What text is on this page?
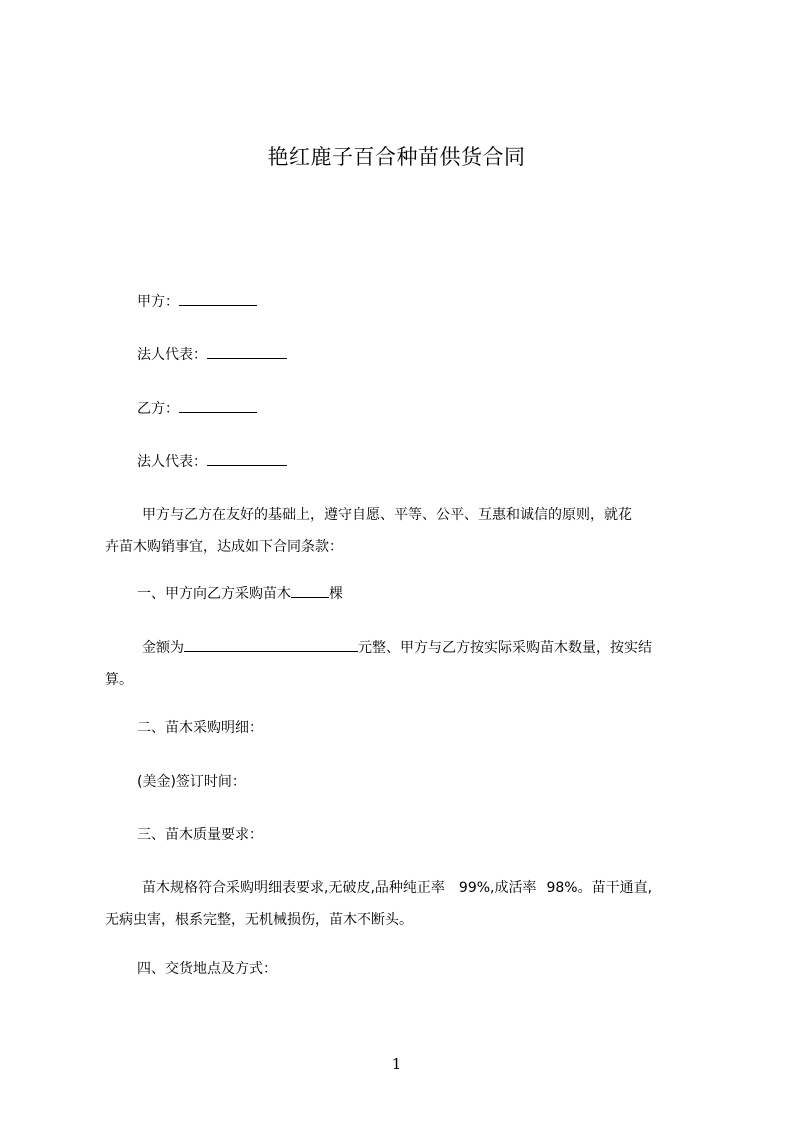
艳红鹿子百合种苗供货合同
甲方：
法人代表：
乙方：
法人代表：
甲方与乙方在友好的基础上，遵守自愿、平等、公平、互惠和诚信的原则，就花
卉苗木购销事宜，达成如下合同条款：
一、甲方向乙方采购苗木	棵
金额为	元整、甲方与乙方按实际采购苗木数量，按实结
算。
二、苗木采购明细：
(美金)签订时间：
三、苗木质量要求：
苗木规格符合采购明细表要求,无破皮,品种纯正率 99%,成活率 98%。苗干通直,
无病虫害，根系完整，无机械损伤，苗木不断头。
四、交货地点及方式：
1
